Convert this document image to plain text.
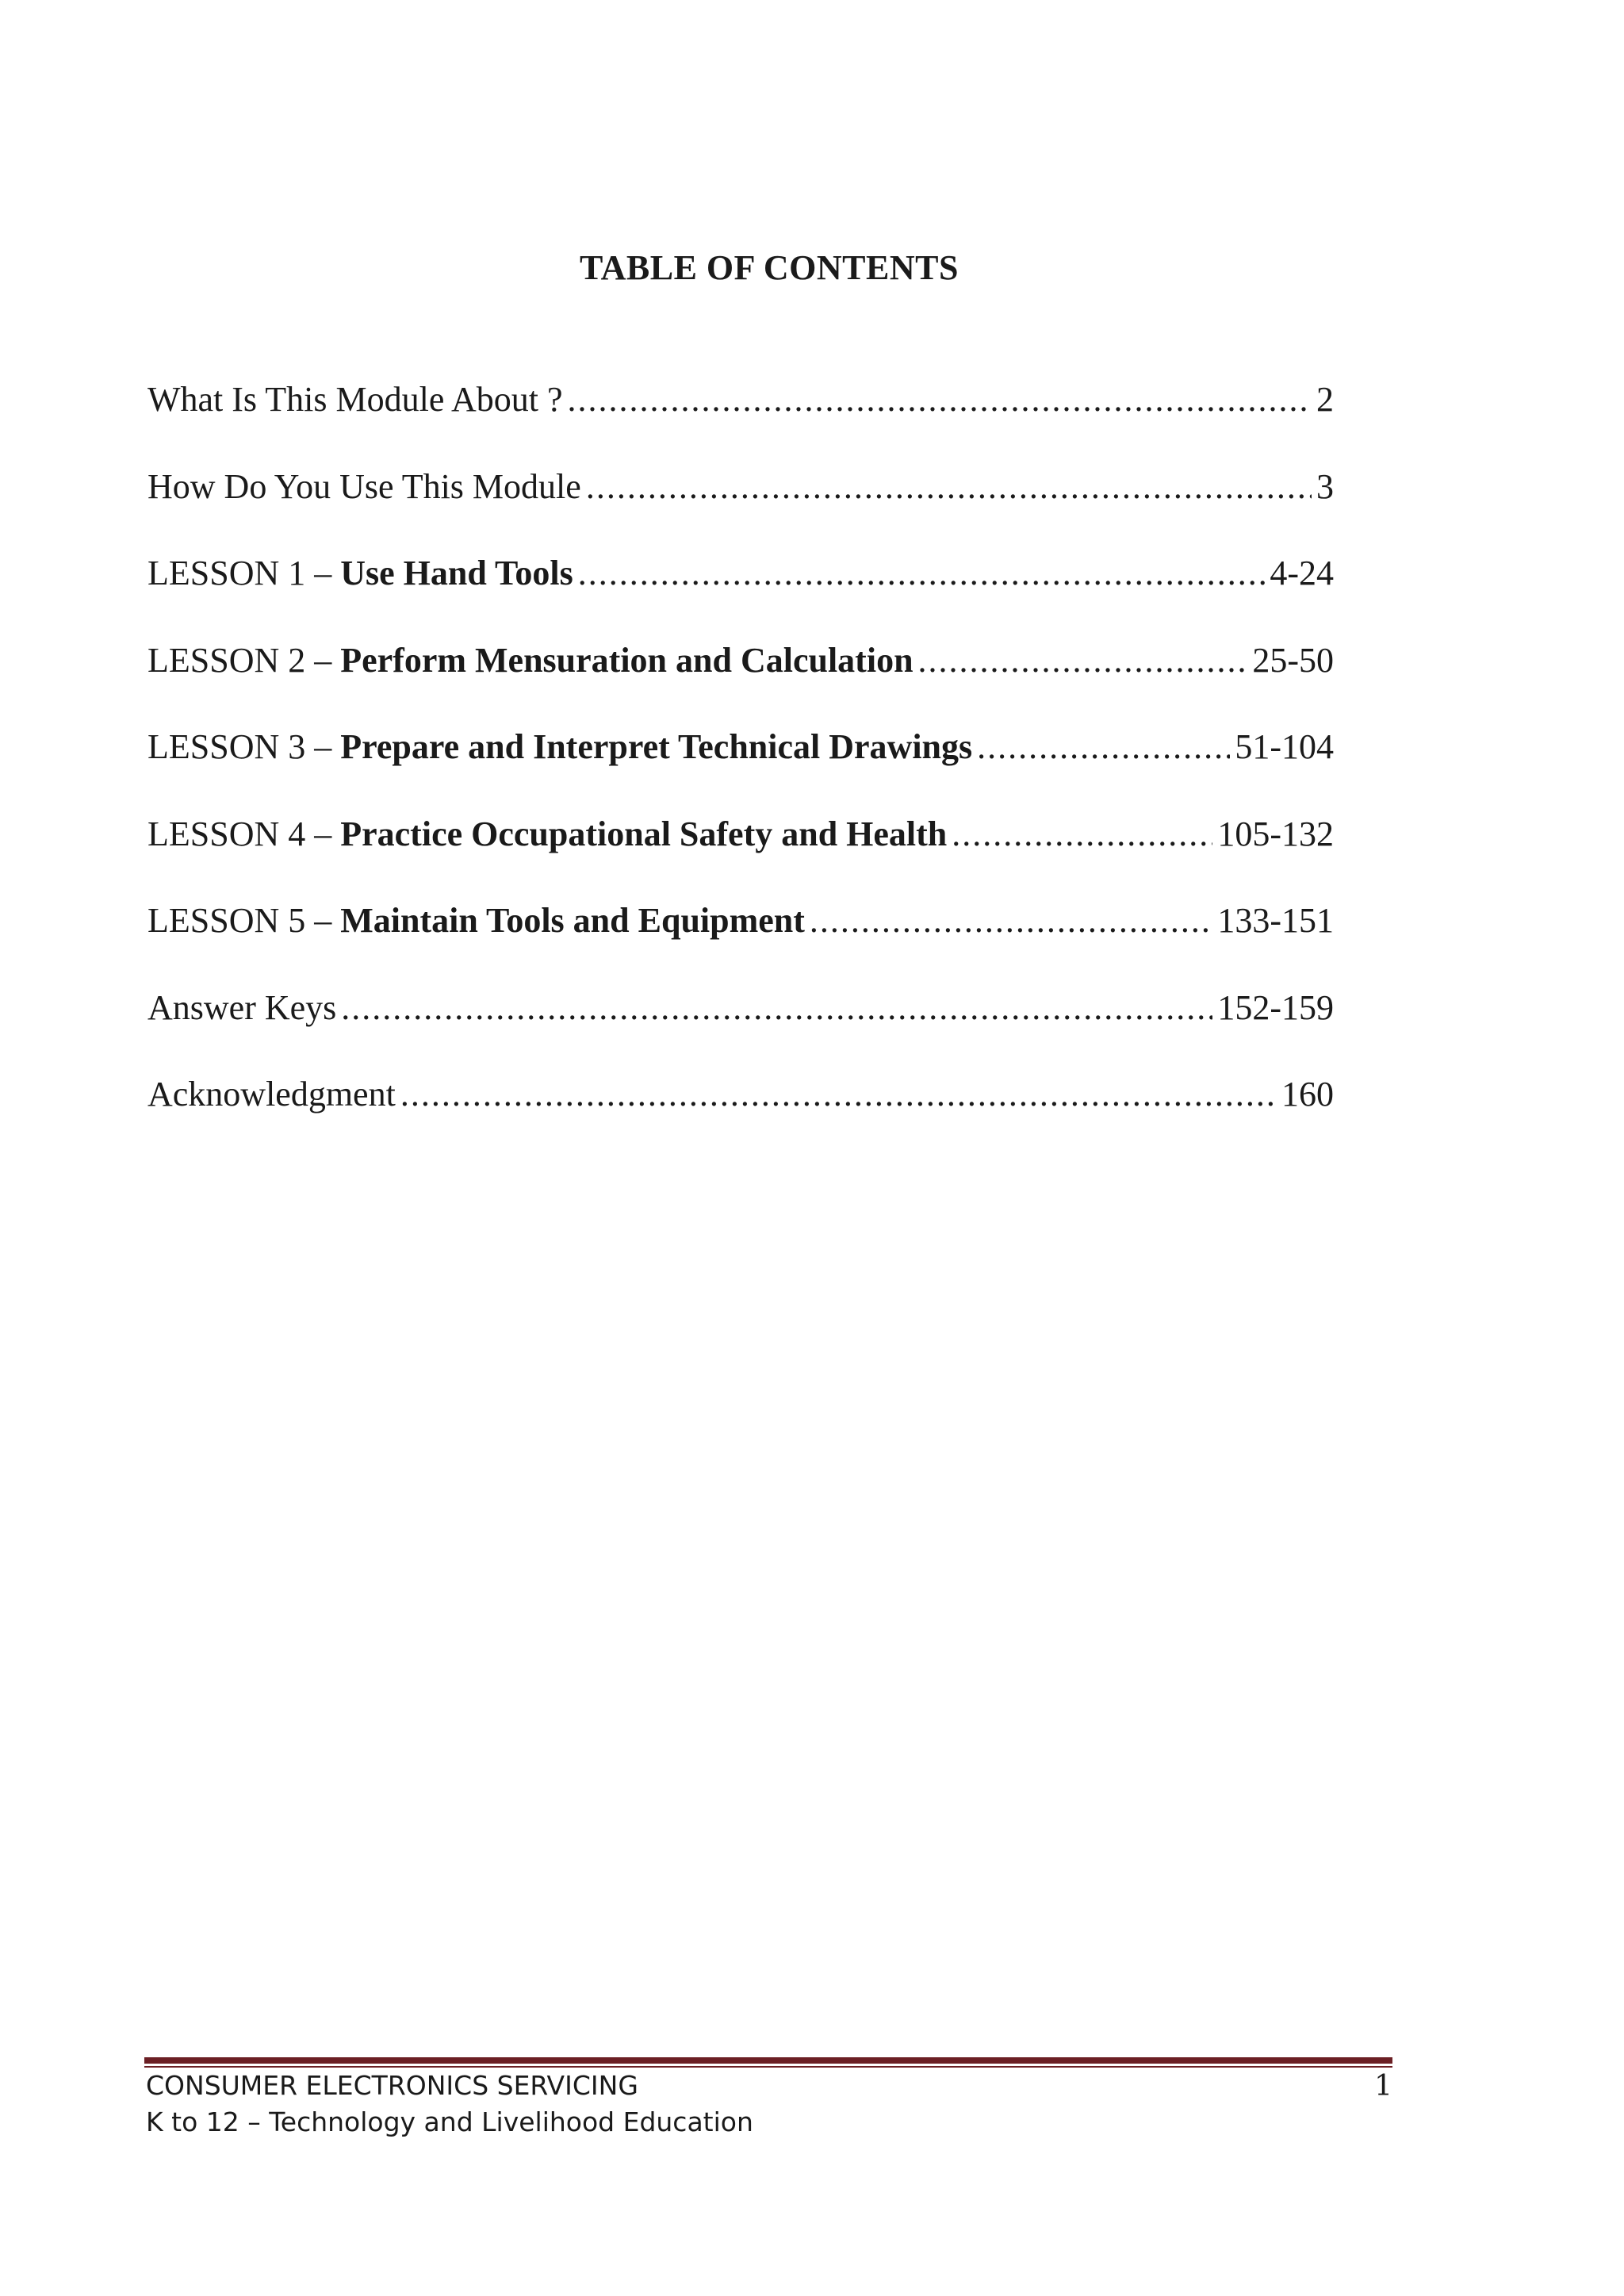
TABLE OF CONTENTS
What Is This Module About ? .....	2
How Do You Use This Module .....	3
LESSON 1 – Use Hand Tools .....	4-24
LESSON 2 – Perform Mensuration and Calculation .....	25-50
LESSON 3 – Prepare and Interpret Technical Drawings .....	51-104
LESSON 4 – Practice Occupational Safety and Health .....	105-132
LESSON 5 – Maintain Tools and Equipment .....	133-151
Answer Keys .....	152-159
Acknowledgment .....	160

CONSUMER ELECTRONICS SERVICING

K to 12 – Technology and Livelihood Education

1
